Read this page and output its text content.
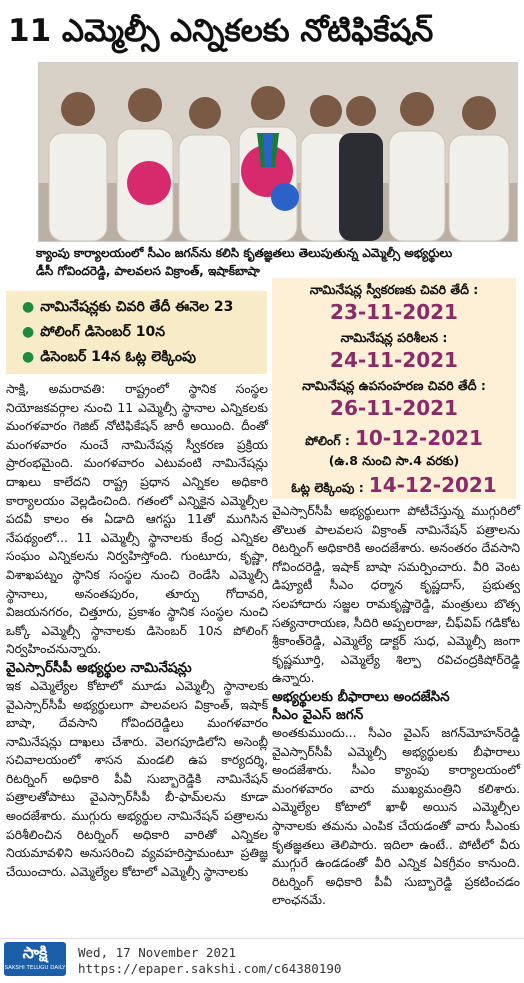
11 ఎమ్మెల్సీ ఎన్నికలకు నోటిఫికేషన్
క్యాంపు కార్యాలయంలో సీఎం జగన్‌ను కలిసి కృతజ్ఞతలు తెలుపుతున్న ఎమ్మెల్సీ అభ్యర్థులు
డీసీ గోవిందరెడ్డి, పాలవలస విక్రాంత్, ఇషాక్‌బాషా
● నామినేషన్లకు చివరి తేదీ ఈనెల 23
● పోలింగ్ డిసెంబర్ 10న
● డిసెంబర్ 14న ఓట్ల లెక్కింపు
నామినేషన్ల స్వీకరణకు చివరి తేదీ :
23-11-2021
నామినేషన్ల పరిశీలన :
24-11-2021
నామినేషన్ల ఉపసంహరణ చివరి తేదీ :
26-11-2021
పోలింగ్ : 10-12-2021
(ఉ.8 నుంచి సా.4 వరకు)
ఓట్ల లెక్కింపు : 14-12-2021

సాక్షి, అమరావతి: రాష్ట్రంలో స్థానిక సంస్థల నియోజకవర్గాల నుంచి 11 ఎమ్మెల్సీ స్థానాల ఎన్నికలకు మంగళవారం గెజిట్ నోటిఫికేషన్ జారీ అయింది. దీంతో మంగళవారం నుంచే నామినేషన్ల స్వీకరణ ప్రక్రియ ప్రారంభమైంది. మంగళవారం ఎటువంటి నామినేషన్లు దాఖలు కాలేదని రాష్ట్ర ప్రధాన ఎన్నికల అధికారి కార్యాలయం వెల్లడించింది. గతంలో ఎన్నికైన ఎమ్మెల్సీల పదవీ కాలం ఈ ఏడాది ఆగస్టు 11తో ముగిసిన నేపథ్యంలో... 11 ఎమ్మెల్సీ స్థానాలకు కేంద్ర ఎన్నికల సంఘం ఎన్నికలను నిర్వహిస్తోంది. గుంటూరు, కృష్ణా, విశాఖపట్నం స్థానిక సంస్థల నుంచి రెండేసి ఎమ్మెల్సీ స్థానాలు, అనంతపురం, తూర్పు గోదావరి, విజయనగరం, చిత్తూరు, ప్రకాశం స్థానిక సంస్థల నుంచి ఒక్కో ఎమ్మెల్సీ స్థానాలకు డిసెంబర్ 10న పోలింగ్ నిర్వహించనున్నారు.

వైఎస్సార్‌సీపీ అభ్యర్థుల నామినేషన్లు

ఇక ఎమ్మెల్యేల కోటాలో మూడు ఎమ్మెల్సీ స్థానాలకు వైఎస్సార్‌సీపీ అభ్యర్థులుగా పాలవలస విక్రాంత్, ఇషాక్ బాషా, దేవసాని గోవిందరెడ్డిలు మంగళవారం నామినేషన్లు దాఖలు చేశారు. వెలగపూడిలోని అసెంబ్లీ సచివాలయంలో శాసన మండలి ఉప కార్యదర్శి, రిటర్నింగ్ అధికారి పీవీ సుబ్బారెడ్డికి నామినేషన్ పత్రాలతోపాటు వైఎస్సార్‌సీపీ బీ-ఫామ్‌లను కూడా అందజేశారు. ముగ్గురు అభ్యర్థుల నామినేషన్ పత్రాలను పరిశీలించిన రిటర్నింగ్ అధికారి వారితో ఎన్నికల నియమావళిని అనుసరించి వ్యవహరిస్తామంటూ ప్రతిజ్ఞ చేయించారు. ఎమ్మెల్యేల కోటాలో ఎమ్మెల్సీ స్థానాలకు

వైఎస్సార్‌సీపీ అభ్యర్థులుగా పోటీచేస్తున్న ముగ్గురిలో తొలుత పాలవలస విక్రాంత్ నామినేషన్ పత్రాలను రిటర్నింగ్ అధికారికి అందజేశారు. అనంతరం దేవసాని గోవిందరెడ్డి, ఇషాక్ బాషా సమర్పించారు. వీరి వెంట డిప్యూటీ సీఎం ధర్మాన కృష్ణదాస్, ప్రభుత్వ సలహాదారు సజ్జల రామకృష్ణారెడ్డి, మంత్రులు బొత్స సత్యనారాయణ, సీదిరి అప్పలరాజు, చీఫ్‌విప్ గడికోట శ్రీకాంత్‌రెడ్డి, ఎమ్మెల్యే డాక్టర్ సుధ, ఎమ్మెల్సీ జంగా కృష్ణమూర్తి, ఎమ్మెల్యే శిల్పా రవిచంద్రకిషోర్‌రెడ్డి ఉన్నారు.

అభ్యర్థులకు బీఫారాలు అందజేసిన
సీఎం వైఎస్ జగన్

అంతకుముందు... సీఎం వైఎస్ జగన్‌మోహన్‌రెడ్డి వైఎస్సార్‌సీపీ ఎమ్మెల్సీ అభ్యర్థులకు బీఫారాలు అందజేశారు. సీఎం క్యాంపు కార్యాలయంలో మంగళవారం వారు ముఖ్యమంత్రిని కలిశారు. ఎమ్మెల్యేల కోటాలో ఖాళీ అయిన ఎమ్మెల్సీల స్థానాలకు తమను ఎంపిక చేయడంతో వారు సీఎంకు కృతజ్ఞతలు తెలిపారు. ఇదిలా ఉంటే.. పోటీలో వీరు ముగ్గురే ఉండడంతో వీరి ఎన్నిక ఏకగ్రీవం కానుంది. రిటర్నింగ్ అధికారి పీవీ సుబ్బారెడ్డి ప్రకటించడం లాంఛనమే.

సాక్షి
SAKSHI TELUGU DAILY
Wed, 17 November 2021
https://epaper.sakshi.com/c64380190
